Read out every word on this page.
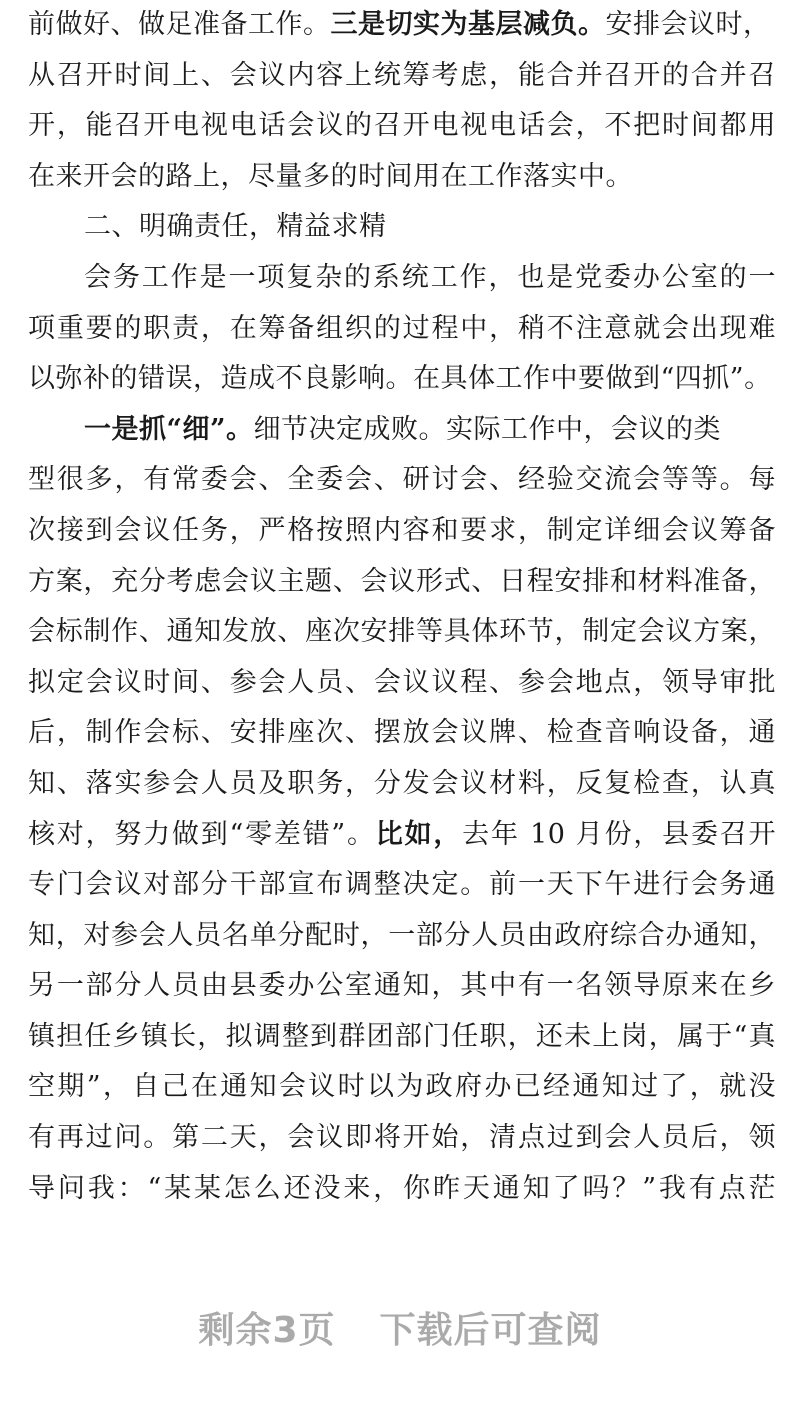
前做好、做足准备工作。三是切实为基层减负。安排会议时，
从召开时间上、会议内容上统筹考虑，能合并召开的合并召
开，能召开电视电话会议的召开电视电话会，不把时间都用
在来开会的路上，尽量多的时间用在工作落实中。
二、明确责任，精益求精
会务工作是一项复杂的系统工作，也是党委办公室的一
项重要的职责，在筹备组织的过程中，稍不注意就会出现难
以弥补的错误，造成不良影响。在具体工作中要做到“四抓”。
一是抓“细”。细节决定成败。实际工作中，会议的类
型很多，有常委会、全委会、研讨会、经验交流会等等。每
次接到会议任务，严格按照内容和要求，制定详细会议筹备
方案，充分考虑会议主题、会议形式、日程安排和材料准备，
会标制作、通知发放、座次安排等具体环节，制定会议方案，
拟定会议时间、参会人员、会议议程、参会地点，领导审批
后，制作会标、安排座次、摆放会议牌、检查音响设备，通
知、落实参会人员及职务，分发会议材料，反复检查，认真
核对，努力做到“零差错”。比如，去年 10 月份，县委召开
专门会议对部分干部宣布调整决定。前一天下午进行会务通
知，对参会人员名单分配时，一部分人员由政府综合办通知，
另一部分人员由县委办公室通知，其中有一名领导原来在乡
镇担任乡镇长，拟调整到群团部门任职，还未上岗，属于“真
空期”，自己在通知会议时以为政府办已经通知过了，就没
有再过问。第二天，会议即将开始，清点过到会人员后，领
导问我：“某某怎么还没来，你昨天通知了吗？”我有点茫
剩余3页 下载后可查阅
